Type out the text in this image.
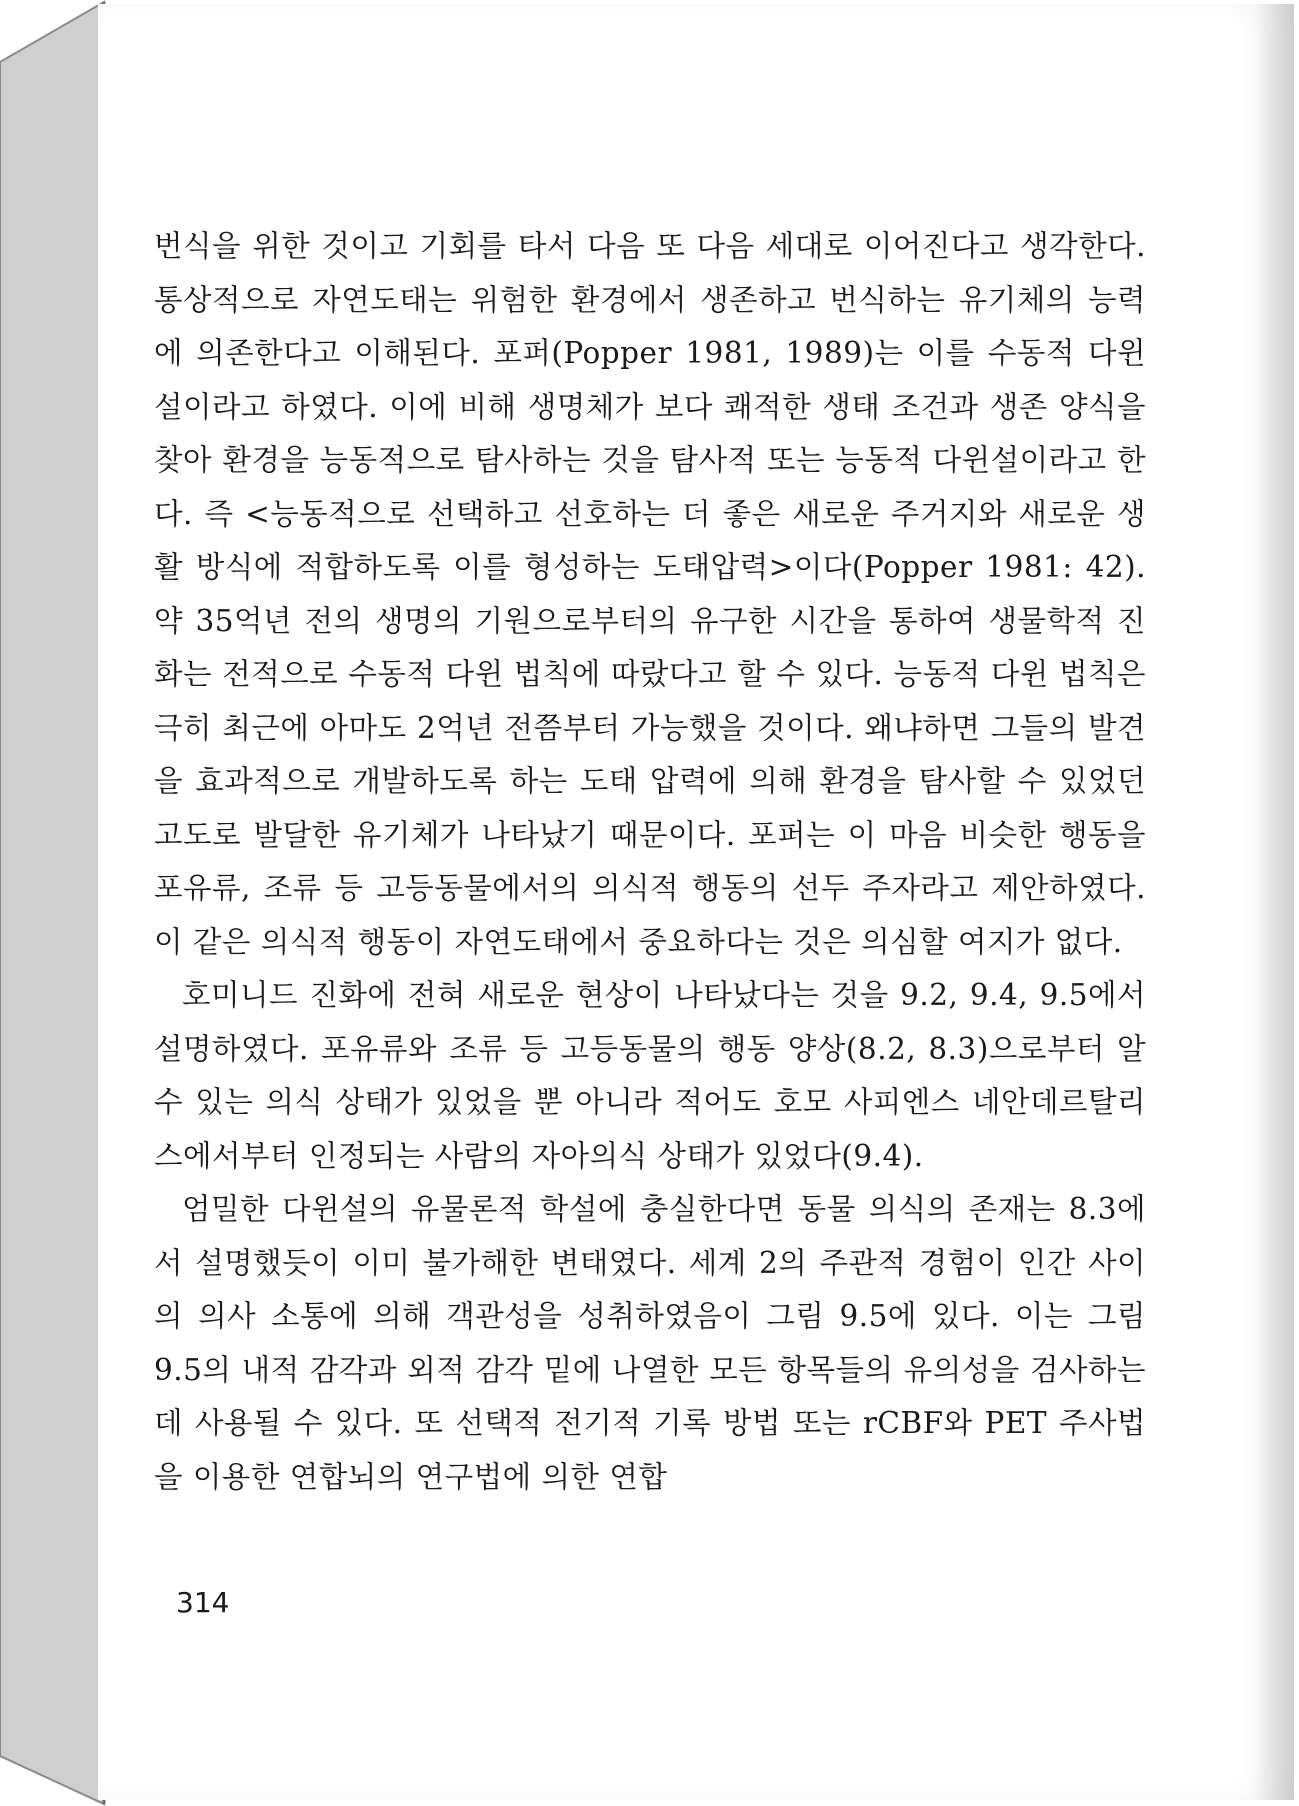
번식을 위한 것이고 기회를 타서 다음 또 다음 세대로 이어진다고 생각한다. 통상적으로 자연도태는 위험한 환경에서 생존하고 번식하는 유기체의 능력에 의존한다고 이해된다. 포퍼(Popper 1981, 1989)는 이를 수동적 다윈설이라고 하였다. 이에 비해 생명체가 보다 쾌적한 생태 조건과 생존 양식을 찾아 환경을 능동적으로 탐사하는 것을 탐사적 또는 능동적 다윈설이라고 한다. 즉 <능동적으로 선택하고 선호하는 더 좋은 새로운 주거지와 새로운 생활 방식에 적합하도록 이를 형성하는 도태압력>이다(Popper 1981: 42). 약 35억년 전의 생명의 기원으로부터의 유구한 시간을 통하여 생물학적 진화는 전적으로 수동적 다윈 법칙에 따랐다고 할 수 있다. 능동적 다윈 법칙은 극히 최근에 아마도 2억년 전쯤부터 가능했을 것이다. 왜냐하면 그들의 발견을 효과적으로 개발하도록 하는 도태 압력에 의해 환경을 탐사할 수 있었던 고도로 발달한 유기체가 나타났기 때문이다. 포퍼는 이 마음 비슷한 행동을 포유류, 조류 등 고등동물에서의 의식적 행동의 선두 주자라고 제안하였다. 이 같은 의식적 행동이 자연도태에서 중요하다는 것은 의심할 여지가 없다.

호미니드 진화에 전혀 새로운 현상이 나타났다는 것을 9.2, 9.4, 9.5에서 설명하였다. 포유류와 조류 등 고등동물의 행동 양상(8.2, 8.3)으로부터 알 수 있는 의식 상태가 있었을 뿐 아니라 적어도 호모 사피엔스 네안데르탈리스에서부터 인정되는 사람의 자아의식 상태가 있었다(9.4).

엄밀한 다윈설의 유물론적 학설에 충실한다면 동물 의식의 존재는 8.3에서 설명했듯이 이미 불가해한 변태였다. 세계 2의 주관적 경험이 인간 사이의 의사 소통에 의해 객관성을 성취하였음이 그림 9.5에 있다. 이는 그림 9.5의 내적 감각과 외적 감각 밑에 나열한 모든 항목들의 유의성을 검사하는 데 사용될 수 있다. 또 선택적 전기적 기록 방법 또는 rCBF와 PET 주사법을 이용한 연합뇌의 연구법에 의한 연합

314
